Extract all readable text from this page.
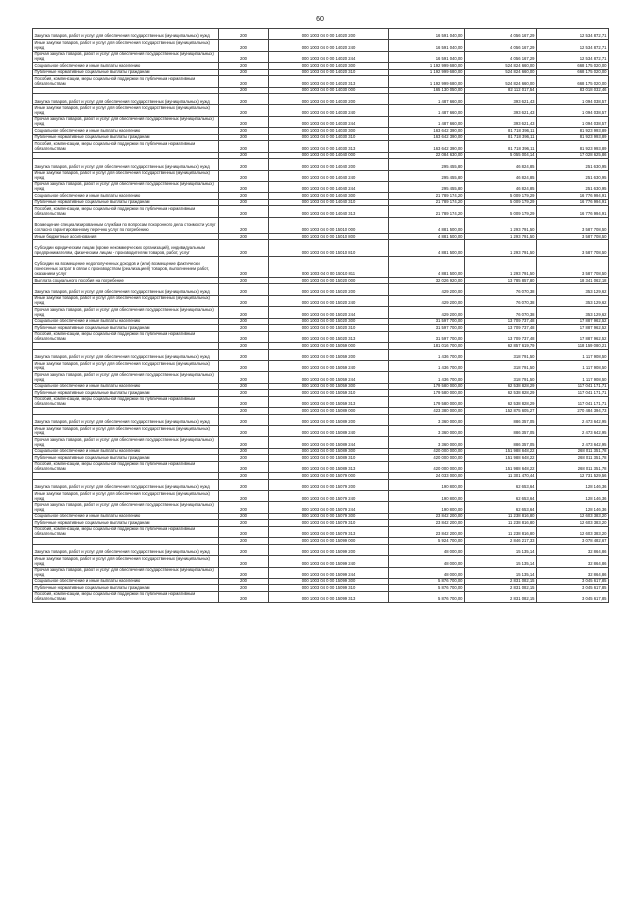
60
Закупка товаров, работ и услуг для обеспечения государственных (муниципальных) нужд	200	000 1003 04 0 00 14020 200	16 591 040,00	4 056 167,29	12 534 872,71
Иные закупки товаров, работ и услуг для обеспечения государственных (муниципальных) нужд	200	000 1003 04 0 00 14020 240	16 591 040,00	4 056 167,29	12 534 872,71
Прочая закупка товаров, работ и услуг для обеспечения государственных (муниципальных) нужд	200	000 1003 04 0 00 14020 244	16 591 040,00	4 056 167,29	12 534 872,71
Социальное обеспечение и иные выплаты населению	200	000 1003 04 0 00 14020 300	1 192 999 680,00	524 824 660,00	668 175 020,00
Публичные нормативные социальные выплаты гражданам	200	000 1003 04 0 00 14020 310	1 192 999 680,00	524 824 660,00	668 175 020,00
Пособия, компенсации, меры социальной поддержки по публичным нормативным обязательствам	200	000 1003 04 0 00 14020 313	1 192 999 680,00	524 824 660,00	668 175 020,00
	200	000 1003 04 0 00 14030 000	165 130 050,00	82 112 017,54	83 018 032,46
Закупка товаров, работ и услуг для обеспечения государственных (муниципальных) нужд	200	000 1003 04 0 00 14030 200	1 487 660,00	393 621,43	1 094 038,57
Иные закупки товаров, работ и услуг для обеспечения государственных (муниципальных) нужд	200	000 1003 04 0 00 14030 240	1 487 660,00	393 621,43	1 094 038,57
Прочая закупка товаров, работ и услуг для обеспечения государственных (муниципальных) нужд	200	000 1003 04 0 00 14030 244	1 487 660,00	393 621,43	1 094 038,57
Социальное обеспечение и иные выплаты населению	200	000 1003 04 0 00 14030 300	163 642 390,00	81 718 396,11	81 923 993,89
Публичные нормативные социальные выплаты гражданам	200	000 1003 04 0 00 14030 310	163 642 390,00	81 718 396,11	81 923 993,89
Пособия, компенсации, меры социальной поддержки по публичным нормативным обязательствам	200	000 1003 04 0 00 14030 313	163 642 390,00	81 718 396,11	81 923 993,89
	200	000 1003 04 0 00 14040 000	22 084 630,00	5 055 004,14	17 028 625,86
Закупка товаров, работ и услуг для обеспечения государственных (муниципальных) нужд	200	000 1003 04 0 00 14040 200	295 455,80	46 824,85	251 630,95
Иные закупки товаров, работ и услуг для обеспечения государственных (муниципальных) нужд	200	000 1003 04 0 00 14040 240	295 455,80	46 824,85	251 630,95
Прочая закупка товаров, работ и услуг для обеспечения государственных (муниципальных) нужд	200	000 1003 04 0 00 14040 244	295 455,80	46 824,85	251 630,95
Социальное обеспечение и иные выплаты населению	200	000 1003 04 0 00 14040 300	21 789 174,20	5 009 179,29	16 776 994,91
Публичные нормативные социальные выплаты гражданам	200	000 1003 04 0 00 14040 310	21 789 174,20	5 009 179,29	16 776 994,91
Пособия, компенсации, меры социальной поддержки по публичным нормативным обязательствам	200	000 1003 04 0 00 14040 313	21 789 174,20	5 009 179,29	16 776 994,91
Возмещение специализированным службам по вопросам похоронного дела стоимости услуг согласно гарантированному перечню услуг по погребению	200	000 1003 04 0 00 15010 000	4 881 500,00	1 293 791,50	3 587 708,50
Иные бюджетные ассигнования	200	000 1003 04 0 00 15010 800	4 881 500,00	1 293 791,50	3 587 708,50
Субсидии юридическим лицам (кроме некоммерческих организаций), индивидуальным предпринимателям, физическим лицам - производителям товаров, работ, услуг	200	000 1003 04 0 00 15010 810	4 881 500,00	1 293 791,50	3 587 708,50
Субсидии на возмещение недополученных доходов и (или) возмещение фактически понесенных затрат в связи с производством (реализацией) товаров, выполнением работ, оказанием услуг	200	000 1003 04 0 00 15010 811	4 881 500,00	1 293 791,50	3 587 708,50
Выплата социального пособия на погребение	200	000 1003 04 0 00 15020 000	32 026 920,00	13 785 857,80	18 341 062,18
Закупка товаров, работ и услуг для обеспечения государственных (муниципальных) нужд	200	000 1003 04 0 00 15020 200	429 200,00	76 070,38	353 129,62
Иные закупки товаров, работ и услуг для обеспечения государственных (муниципальных) нужд	200	000 1003 04 0 00 15020 240	429 200,00	76 070,38	353 129,62
Прочая закупка товаров, работ и услуг для обеспечения государственных (муниципальных) нужд	200	000 1003 04 0 00 15020 244	429 200,00	76 070,38	353 129,62
Социальное обеспечение и иные выплаты населению	200	000 1003 04 0 00 15020 300	31 597 700,00	13 709 737,48	17 887 962,52
Публичные нормативные социальные выплаты гражданам	200	000 1003 04 0 00 15020 310	31 597 700,00	13 709 737,48	17 887 962,52
Пособия, компенсации, меры социальной поддержки по публичным нормативным обязательствам	200	000 1003 04 0 00 15020 313	31 597 700,00	13 709 737,48	17 887 962,52
	200	000 1003 04 0 00 15059 000	181 016 700,00	62 857 619,79	118 159 080,21
Закупка товаров, работ и услуг для обеспечения государственных (муниципальных) нужд	200	000 1003 04 0 00 15059 200	1 436 700,00	318 791,50	1 117 908,50
Иные закупки товаров, работ и услуг для обеспечения государственных (муниципальных) нужд	200	000 1003 04 0 00 15059 240	1 436 700,00	318 791,50	1 117 908,50
Прочая закупка товаров, работ и услуг для обеспечения государственных (муниципальных) нужд	200	000 1003 04 0 00 15059 244	1 436 700,00	318 791,50	1 117 908,50
Социальное обеспечение и иные выплаты населению	200	000 1003 04 0 00 15059 300	179 580 000,00	62 538 828,29	117 041 171,71
Публичные нормативные социальные выплаты гражданам	200	000 1003 04 0 00 15059 310	179 580 000,00	62 538 828,29	117 041 171,71
Пособия, компенсации, меры социальной поддержки по публичным нормативным обязательствам	200	000 1003 04 0 00 15059 313	179 580 000,00	62 538 828,29	117 041 171,71
	200	000 1003 04 0 00 15089 000	423 380 000,00	152 875 605,27	270 484 394,73
Закупка товаров, работ и услуг для обеспечения государственных (муниципальных) нужд	200	000 1003 04 0 00 15089 200	3 360 000,00	886 357,05	2 473 642,95
Иные закупки товаров, работ и услуг для обеспечения государственных (муниципальных) нужд	200	000 1003 04 0 00 15089 240	3 360 000,00	886 357,05	2 473 642,95
Прочая закупка товаров, работ и услуг для обеспечения государственных (муниципальных) нужд	200	000 1003 04 0 00 15089 244	3 360 000,00	886 357,05	2 473 642,95
Социальное обеспечение и иные выплаты населению	200	000 1003 04 0 00 15089 300	420 000 000,00	151 988 648,22	268 011 351,78
Публичные нормативные социальные выплаты гражданам	200	000 1003 04 0 00 15089 310	420 000 000,00	151 988 648,22	268 011 351,78
Пособия, компенсации, меры социальной поддержки по публичным нормативным обязательствам	200	000 1003 04 0 00 15089 313	420 000 000,00	151 988 648,22	268 011 351,78
	200	000 1003 04 0 00 15079 000	24 033 000,00	11 301 470,44	12 731 529,56
Закупка товаров, работ и услуг для обеспечения государственных (муниципальных) нужд	200	000 1003 04 0 00 15079 200	190 800,00	62 653,64	128 146,36
Иные закупки товаров, работ и услуг для обеспечения государственных (муниципальных) нужд	200	000 1003 04 0 00 15079 240	190 800,00	62 653,64	128 146,36
Прочая закупка товаров, работ и услуг для обеспечения государственных (муниципальных) нужд	200	000 1003 04 0 00 15079 244	190 800,00	62 653,64	128 146,36
Социальное обеспечение и иные выплаты населению	200	000 1003 04 0 00 15079 300	23 842 200,00	11 238 816,80	12 603 383,20
Публичные нормативные социальные выплаты гражданам	200	000 1003 04 0 00 15079 310	23 842 200,00	11 238 816,80	12 603 383,20
Пособия, компенсации, меры социальной поддержки по публичным нормативным обязательствам	200	000 1003 04 0 00 15079 313	23 842 200,00	11 238 816,80	12 603 383,20
	200	000 1003 04 0 00 15099 000	5 924 700,00	2 846 217,33	3 078 482,67
Закупка товаров, работ и услуг для обеспечения государственных (муниципальных) нужд	200	000 1003 04 0 00 15099 200	48 000,00	15 135,14	32 864,86
Иные закупки товаров, работ и услуг для обеспечения государственных (муниципальных) нужд	200	000 1003 04 0 00 15099 240	48 000,00	15 135,14	32 864,86
Прочая закупка товаров, работ и услуг для обеспечения государственных (муниципальных) нужд	200	000 1003 04 0 00 15099 244	48 000,00	15 135,14	32 864,86
Социальное обеспечение и иные выплаты населению	200	000 1003 04 0 00 15099 300	5 876 700,00	2 831 082,15	3 045 617,85
Публичные нормативные социальные выплаты гражданам	200	000 1003 04 0 00 15099 310	5 876 700,00	2 831 082,15	3 045 617,85
Пособия, компенсации, меры социальной поддержки по публичным нормативным обязательствам	200	000 1003 04 0 00 15099 313	5 876 700,00	2 831 082,15	3 045 617,85
